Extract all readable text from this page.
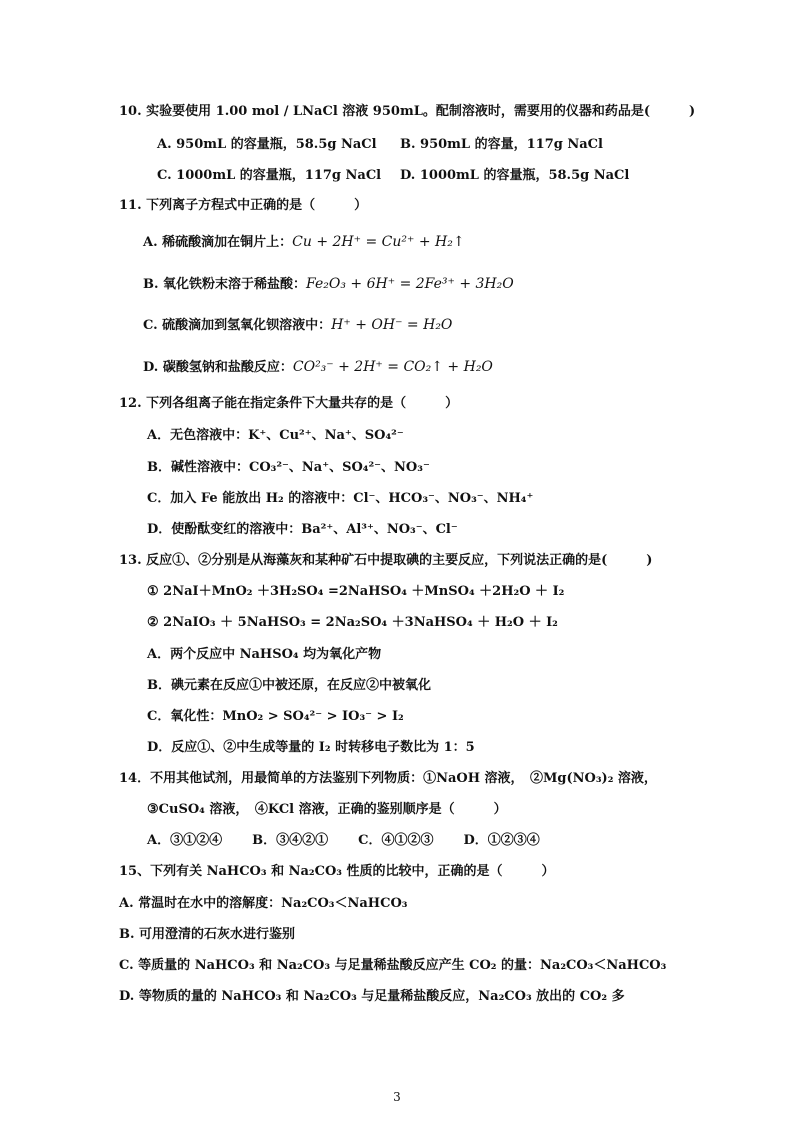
10. 实验要使用 1.00 mol / LNaCl 溶液 950mL。配制溶液时，需要用的仪器和药品是(　　　)
A. 950mL 的容量瓶，58.5g NaCl B. 950mL 的容量，117g NaCl
C. 1000mL 的容量瓶，117g NaCl D. 1000mL 的容量瓶，58.5g NaCl
11. 下列离子方程式中正确的是（　　　）
A. 稀硫酸滴加在铜片上：Cu + 2H⁺ = Cu²⁺ + H₂↑
B. 氧化铁粉末溶于稀盐酸：Fe₂O₃ + 6H⁺ = 2Fe³⁺ + 3H₂O
C. 硫酸滴加到氢氧化钡溶液中：H⁺ + OH⁻ = H₂O
D. 碳酸氢钠和盐酸反应：CO²₃⁻ + 2H⁺ = CO₂↑ + H₂O
12. 下列各组离子能在指定条件下大量共存的是（　　　）
A．无色溶液中：K⁺、Cu²⁺、Na⁺、SO₄²⁻
B．碱性溶液中：CO₃²⁻、Na⁺、SO₄²⁻、NO₃⁻
C．加入 Fe 能放出 H₂ 的溶液中：Cl⁻、HCO₃⁻、NO₃⁻、NH₄⁺
D．使酚酞变红的溶液中：Ba²⁺、Al³⁺、NO₃⁻、Cl⁻
13. 反应①、②分别是从海藻灰和某种矿石中提取碘的主要反应，下列说法正确的是(　　　)
① 2NaI＋MnO₂ ＋3H₂SO₄ =2NaHSO₄ ＋MnSO₄ ＋2H₂O ＋ I₂
② 2NaIO₃ ＋ 5NaHSO₃ = 2Na₂SO₄ ＋3NaHSO₄ ＋ H₂O ＋ I₂
A．两个反应中 NaHSO₄ 均为氧化产物
B．碘元素在反应①中被还原，在反应②中被氧化
C．氧化性：MnO₂ > SO₄²⁻ > IO₃⁻ > I₂
D．反应①、②中生成等量的 I₂ 时转移电子数比为 1：5
14．不用其他试剂，用最简单的方法鉴别下列物质：①NaOH 溶液，　②Mg(NO₃)₂ 溶液，
③CuSO₄ 溶液，　④KCl 溶液，正确的鉴别顺序是（　　　）
A．③①②④ B．③④②① C．④①②③ D．①②③④
15、下列有关 NaHCO₃ 和 Na₂CO₃ 性质的比较中，正确的是（　　　）
A. 常温时在水中的溶解度：Na₂CO₃＜NaHCO₃
B. 可用澄清的石灰水进行鉴别
C. 等质量的 NaHCO₃ 和 Na₂CO₃ 与足量稀盐酸反应产生 CO₂ 的量：Na₂CO₃＜NaHCO₃
D. 等物质的量的 NaHCO₃ 和 Na₂CO₃ 与足量稀盐酸反应，Na₂CO₃ 放出的 CO₂ 多
3
